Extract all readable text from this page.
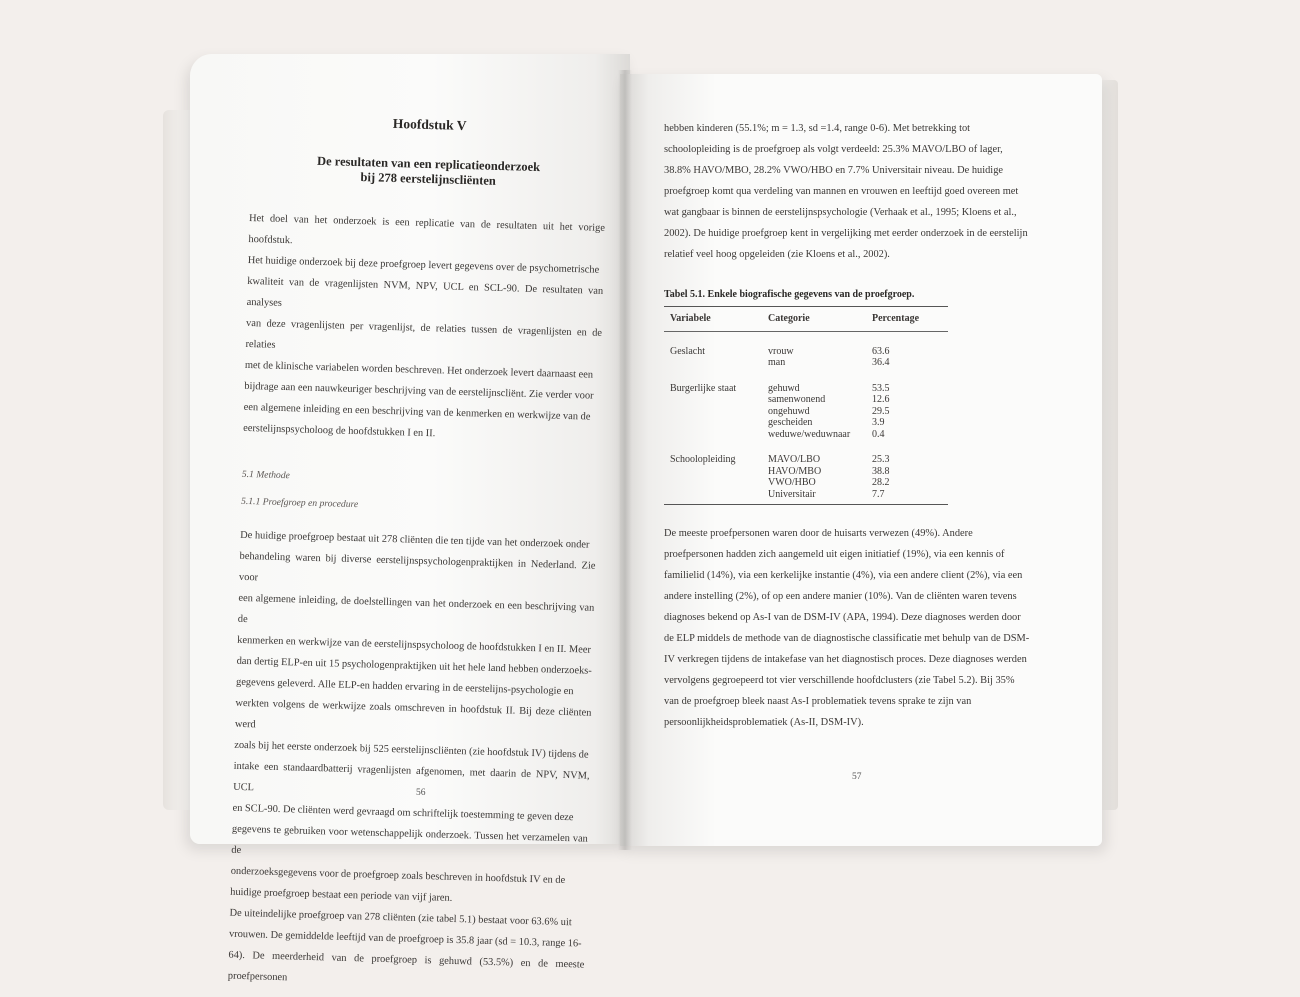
Hoofdstuk V
De resultaten van een replicatieonderzoek
bij 278 eerstelijnscliënten

Het doel van het onderzoek is een replicatie van de resultaten uit het vorige hoofdstuk.

Het huidige onderzoek bij deze proefgroep levert gegevens over de psychometrische

kwaliteit van de vragenlijsten NVM, NPV, UCL en SCL-90. De resultaten van analyses

van deze vragenlijsten per vragenlijst, de relaties tussen de vragenlijsten en de relaties

met de klinische variabelen worden beschreven. Het onderzoek levert daarnaast een

bijdrage aan een nauwkeuriger beschrijving van de eerstelijnscliënt. Zie verder voor

een algemene inleiding en een beschrijving van de kenmerken en werkwijze van de

eerstelijnspsycholoog de hoofdstukken I en II.

5.1 Methode
5.1.1 Proefgroep en procedure

De huidige proefgroep bestaat uit 278 cliënten die ten tijde van het onderzoek onder

behandeling waren bij diverse eerstelijnspsychologenpraktijken in Nederland. Zie voor

een algemene inleiding, de doelstellingen van het onderzoek en een beschrijving van de

kenmerken en werkwijze van de eerstelijnspsycholoog de hoofdstukken I en II. Meer

dan dertig ELP-en uit 15 psychologenpraktijken uit het hele land hebben onderzoeks-

gegevens geleverd. Alle ELP-en hadden ervaring in de eerstelijns-psychologie en

werkten volgens de werkwijze zoals omschreven in hoofdstuk II. Bij deze cliënten werd

zoals bij het eerste onderzoek bij 525 eerstelijnscliënten (zie hoofdstuk IV) tijdens de

intake een standaardbatterij vragenlijsten afgenomen, met daarin de NPV, NVM, UCL

en SCL-90. De cliënten werd gevraagd om schriftelijk toestemming te geven deze

gegevens te gebruiken voor wetenschappelijk onderzoek. Tussen het verzamelen van de

onderzoeksgegevens voor de proefgroep zoals beschreven in hoofdstuk IV en de

huidige proefgroep bestaat een periode van vijf jaren.

De uiteindelijke proefgroep van 278 cliënten (zie tabel 5.1) bestaat voor 63.6% uit

vrouwen. De gemiddelde leeftijd van de proefgroep is 35.8 jaar (sd = 10.3, range 16-

64). De meerderheid van de proefgroep is gehuwd (53.5%) en de meeste proefpersonen

56

hebben kinderen (55.1%; m = 1.3, sd =1.4, range 0-6). Met betrekking tot

schoolopleiding is de proefgroep als volgt verdeeld: 25.3% MAVO/LBO of lager,

38.8% HAVO/MBO, 28.2% VWO/HBO en 7.7% Universitair niveau. De huidige

proefgroep komt qua verdeling van mannen en vrouwen en leeftijd goed overeen met

wat gangbaar is binnen de eerstelijnspsychologie (Verhaak et al., 1995; Kloens et al.,

2002). De huidige proefgroep kent in vergelijking met eerder onderzoek in de eerstelijn

relatief veel hoog opgeleiden (zie Kloens et al., 2002).

Tabel 5.1. Enkele biografische gegevens van de proefgroep.
Variabele	Categorie	Percentage
Geslacht	vrouw	63.6
	man	36.4
Burgerlijke staat	gehuwd	53.5
	samenwonend	12.6
	ongehuwd	29.5
	gescheiden	3.9
	weduwe/weduwnaar	0.4
Schoolopleiding	MAVO/LBO	25.3
	HAVO/MBO	38.8
	VWO/HBO	28.2
	Universitair	7.7

De meeste proefpersonen waren door de huisarts verwezen (49%). Andere

proefpersonen hadden zich aangemeld uit eigen initiatief (19%), via een kennis of

familielid (14%), via een kerkelijke instantie (4%), via een andere client (2%), via een

andere instelling (2%), of op een andere manier (10%). Van de cliënten waren tevens

diagnoses bekend op As-I van de DSM-IV (APA, 1994). Deze diagnoses werden door

de ELP middels de methode van de diagnostische classificatie met behulp van de DSM-

IV verkregen tijdens de intakefase van het diagnostisch proces. Deze diagnoses werden

vervolgens gegroepeerd tot vier verschillende hoofdclusters (zie Tabel 5.2). Bij 35%

van de proefgroep bleek naast As-I problematiek tevens sprake te zijn van

persoonlijkheidsproblematiek (As-II, DSM-IV).

57
